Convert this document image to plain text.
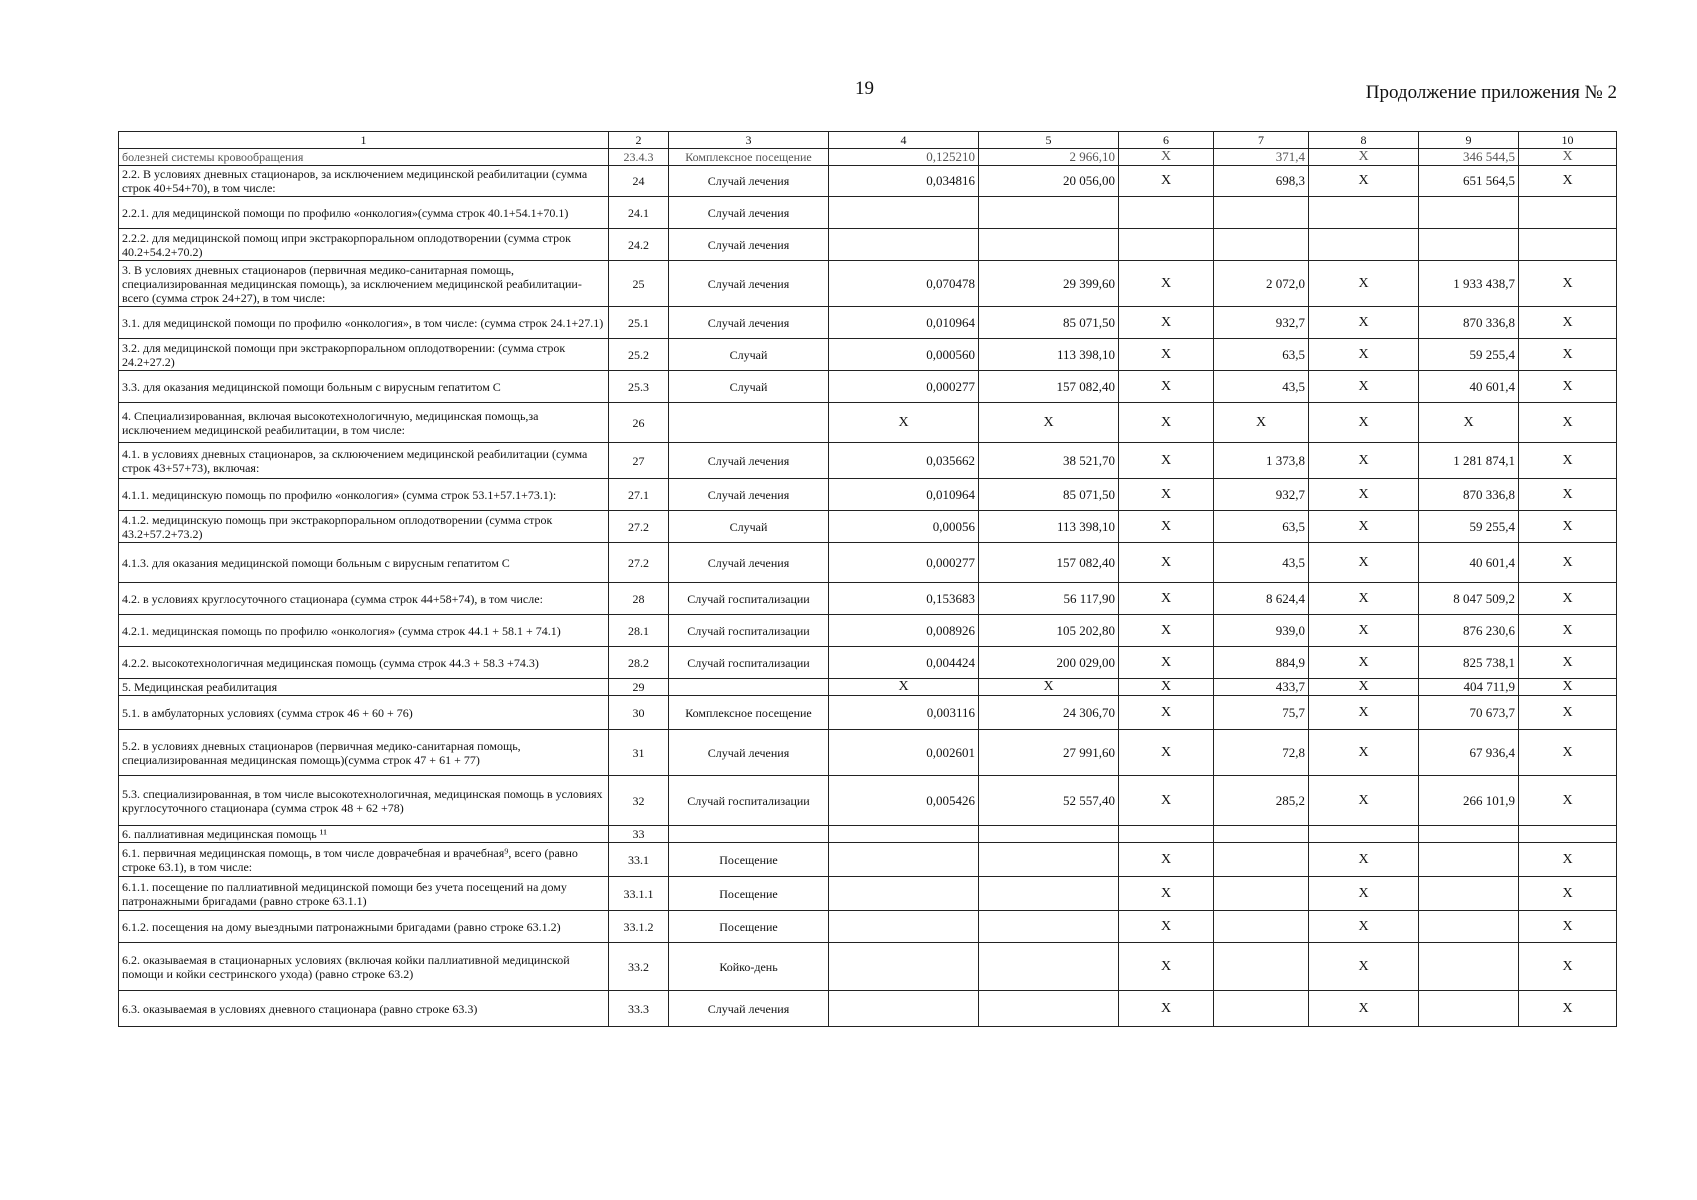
19	Продолжение приложения № 2
1	2	3	4	5	6	7	8	9	10
болезней системы кровообращения	23.4.3	Комплексное посещение	0,125210	2 966,10	X	371,4	X	346 544,5	X
2.2. В условиях дневных стационаров, за исключением медицинской реабилитации (сумма строк 40+54+70), в том числе:	24	Случай лечения	0,034816	20 056,00	X	698,3	X	651 564,5	X
2.2.1. для медицинской помощи по профилю «онкология»(сумма строк 40.1+54.1+70.1)	24.1	Случай лечения							
2.2.2. для медицинской помощ ипри экстракорпоральном оплодотворении (сумма строк 40.2+54.2+70.2)	24.2	Случай лечения							
3. В условиях дневных стационаров (первичная медико-санитарная помощь, специализированная медицинская помощь), за исключением медицинской реабилитации-всего (сумма строк 24+27), в том числе:	25	Случай лечения	0,070478	29 399,60	X	2 072,0	X	1 933 438,7	X
3.1. для медицинской помощи по профилю «онкология», в том числе: (сумма строк 24.1+27.1)	25.1	Случай лечения	0,010964	85 071,50	X	932,7	X	870 336,8	X
3.2. для медицинской помощи при экстракорпоральном оплодотворении: (сумма строк 24.2+27.2)	25.2	Случай	0,000560	113 398,10	X	63,5	X	59 255,4	X
3.3. для оказания медицинской помощи больным с вирусным гепатитом С	25.3	Случай	0,000277	157 082,40	X	43,5	X	40 601,4	X
4. Специализированная, включая высокотехнологичную, медицинская помощь,за исключением медицинской реабилитации, в том числе:	26		X	X	X	X	X	X	X
4.1. в условиях дневных стационаров, за склюючением медицинской реабилитации (сумма строк 43+57+73), включая:	27	Случай лечения	0,035662	38 521,70	X	1 373,8	X	1 281 874,1	X
4.1.1. медицинскую помощь по профилю «онкология» (сумма строк 53.1+57.1+73.1):	27.1	Случай лечения	0,010964	85 071,50	X	932,7	X	870 336,8	X
4.1.2. медицинскую помощь при экстракорпоральном оплодотворении (сумма строк 43.2+57.2+73.2)	27.2	Случай	0,00056	113 398,10	X	63,5	X	59 255,4	X
4.1.3. для оказания медицинской помощи больным с вирусным гепатитом С	27.2	Случай лечения	0,000277	157 082,40	X	43,5	X	40 601,4	X
4.2. в условиях круглосуточного стационара (сумма строк 44+58+74), в том числе:	28	Случай госпитализации	0,153683	56 117,90	X	8 624,4	X	8 047 509,2	X
4.2.1. медицинская помощь по профилю «онкология» (сумма строк 44.1 + 58.1 + 74.1)	28.1	Случай госпитализации	0,008926	105 202,80	X	939,0	X	876 230,6	X
4.2.2. высокотехнологичная медицинская помощь (сумма строк 44.3 + 58.3 +74.3)	28.2	Случай госпитализации	0,004424	200 029,00	X	884,9	X	825 738,1	X
5. Медицинская реабилитация	29		X	X	X	433,7	X	404 711,9	X
5.1. в амбулаторных условиях (сумма строк 46 + 60 + 76)	30	Комплексное посещение	0,003116	24 306,70	X	75,7	X	70 673,7	X
5.2. в условиях дневных стационаров (первичная медико-санитарная помощь, специализированная медицинская помощь)(сумма строк 47 + 61 + 77)	31	Случай лечения	0,002601	27 991,60	X	72,8	X	67 936,4	X
5.3. специализированная, в том числе высокотехнологичная, медицинская помощь в условиях круглосуточного стационара (сумма строк 48 + 62 +78)	32	Случай госпитализации	0,005426	52 557,40	X	285,2	X	266 101,9	X
6. паллиативная медицинская помощь ¹¹	33								
6.1. первичная медицинская помощь, в том числе доврачебная и врачебная⁹, всего (равно строке 63.1), в том числе:	33.1	Посещение			X		X		X
6.1.1. посещение по паллиативной медицинской помощи без учета посещений на дому патронажными бригадами (равно строке 63.1.1)	33.1.1	Посещение			X		X		X
6.1.2. посещения на дому выездными патронажными бригадами (равно строке 63.1.2)	33.1.2	Посещение			X		X		X
6.2. оказываемая в стационарных условиях (включая койки паллиативной медицинской помощи и койки сестринского ухода) (равно строке 63.2)	33.2	Койко-день			X		X		X
6.3. оказываемая в условиях дневного стационара (равно строке 63.3)	33.3	Случай лечения			X		X		X
